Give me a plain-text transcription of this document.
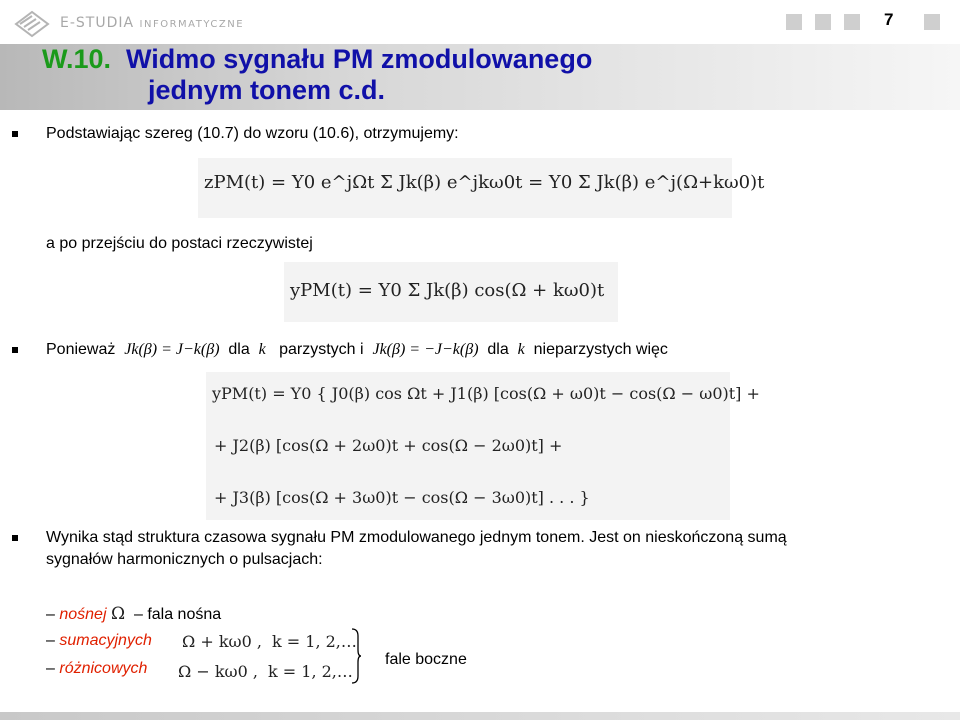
E-STUDIA INFORMATYCZNE	7
W.10. Widmo sygnału PM zmodulowanego
jednym tonem c.d.
Podstawiając szereg (10.7) do wzoru (10.6), otrzymujemy:
zPM(t) = Y0 e^jΩt Σ Jk(β) e^jkω0t = Y0 Σ Jk(β) e^j(Ω+kω0)t
a po przejściu do postaci rzeczywistej
yPM(t) = Y0 Σ Jk(β) cos(Ω + kω0)t
Ponieważ Jk(β) = J−k(β) dla k parzystych i Jk(β) = −J−k(β) dla k nieparzystych więc
yPM(t) = Y0 { J0(β) cos Ωt + J1(β) [cos(Ω + ω0)t − cos(Ω − ω0)t] +
+ J2(β) [cos(Ω + 2ω0)t + cos(Ω − 2ω0)t] +
+ J3(β) [cos(Ω + 3ω0)t − cos(Ω − 3ω0)t] . . . }
Wynika stąd struktura czasowa sygnału PM zmodulowanego jednym tonem. Jest on nieskończoną sumą
sygnałów harmonicznych o pulsacjach:
– nośnej Ω – fala nośna
– sumacyjnych Ω + kω0 , k = 1, 2,…
– różnicowych Ω − kω0 , k = 1, 2,…
fale boczne
